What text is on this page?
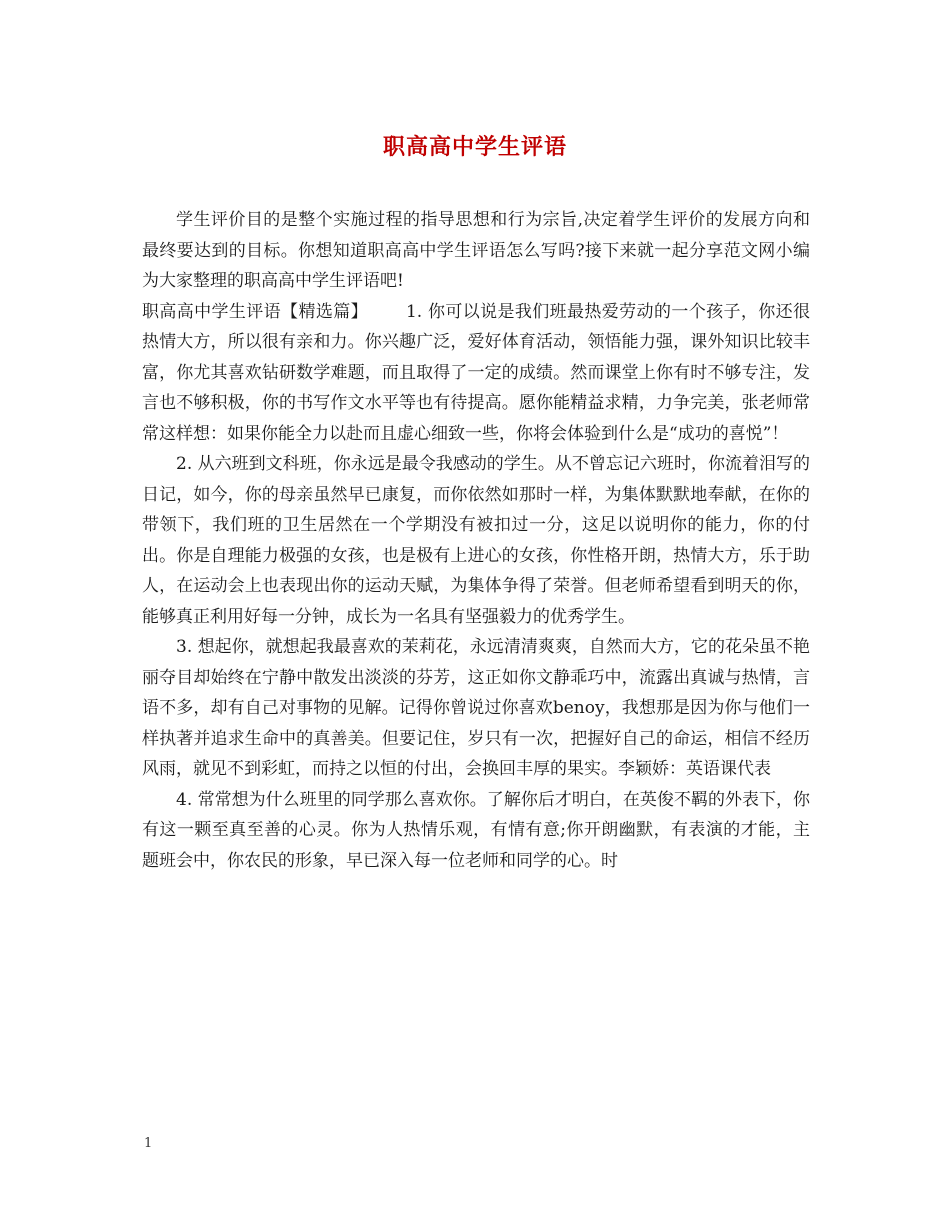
职高高中学生评语

学生评价目的是整个实施过程的指导思想和行为宗旨,决定着学生评价的发展方向和最终要达到的目标。你想知道职高高中学生评语怎么写吗?接下来就一起分享范文网小编为大家整理的职高高中学生评语吧!

职高高中学生评语【精选篇】 1. 你可以说是我们班最热爱劳动的一个孩子，你还很热情大方，所以很有亲和力。你兴趣广泛，爱好体育活动，领悟能力强，课外知识比较丰富，你尤其喜欢钻研数学难题，而且取得了一定的成绩。然而课堂上你有时不够专注，发言也不够积极，你的书写作文水平等也有待提高。愿你能精益求精，力争完美，张老师常常这样想：如果你能全力以赴而且虚心细致一些，你将会体验到什么是“成功的喜悦”！

2. 从六班到文科班，你永远是最令我感动的学生。从不曾忘记六班时，你流着泪写的日记，如今，你的母亲虽然早已康复，而你依然如那时一样，为集体默默地奉献，在你的带领下，我们班的卫生居然在一个学期没有被扣过一分，这足以说明你的能力，你的付出。你是自理能力极强的女孩，也是极有上进心的女孩，你性格开朗，热情大方，乐于助人，在运动会上也表现出你的运动天赋，为集体争得了荣誉。但老师希望看到明天的你，能够真正利用好每一分钟，成长为一名具有坚强毅力的优秀学生。

3. 想起你，就想起我最喜欢的茉莉花，永远清清爽爽，自然而大方，它的花朵虽不艳丽夺目却始终在宁静中散发出淡淡的芬芳，这正如你文静乖巧中，流露出真诚与热情，言语不多，却有自己对事物的见解。记得你曾说过你喜欢benoy，我想那是因为你与他们一样执著并追求生命中的真善美。但要记住，岁只有一次，把握好自己的命运，相信不经历风雨，就见不到彩虹，而持之以恒的付出，会换回丰厚的果实。李颖娇：英语课代表

4. 常常想为什么班里的同学那么喜欢你。了解你后才明白，在英俊不羁的外表下，你有这一颗至真至善的心灵。你为人热情乐观，有情有意;你开朗幽默，有表演的才能，主题班会中，你农民的形象，早已深入每一位老师和同学的心。时

1
